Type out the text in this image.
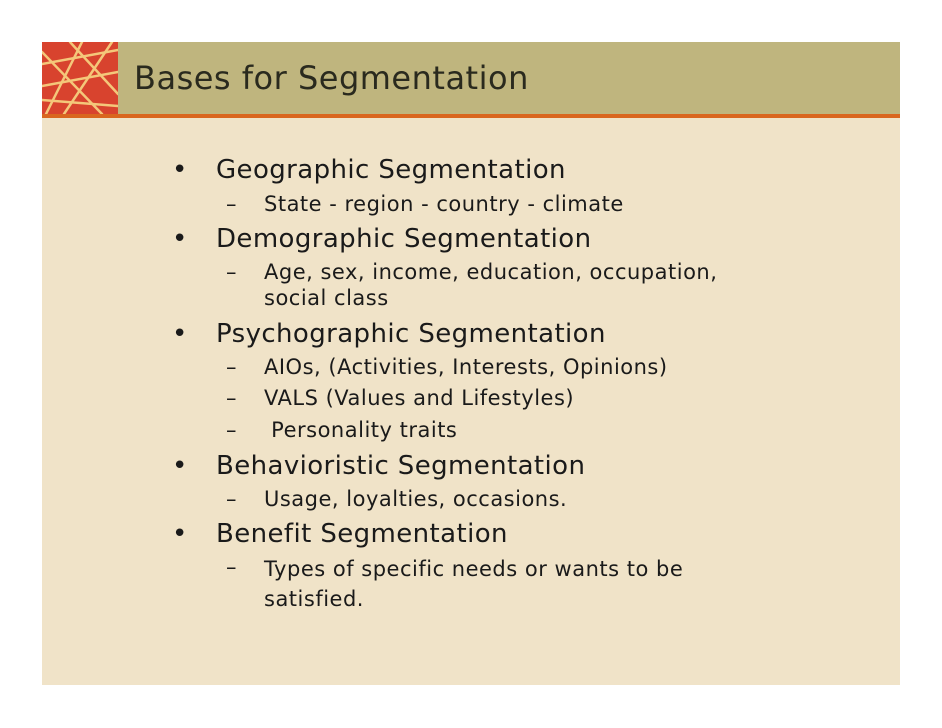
Bases for Segmentation
• Geographic Segmentation
– State - region - country - climate
• Demographic Segmentation
– Age, sex, income, education, occupation, social class
• Psychographic Segmentation
– AIOs, (Activities, Interests, Opinions)
– VALS (Values and Lifestyles)
– Personality traits
• Behavioristic Segmentation
– Usage, loyalties, occasions.
• Benefit Segmentation
– Types of specific needs or wants to be satisfied.
